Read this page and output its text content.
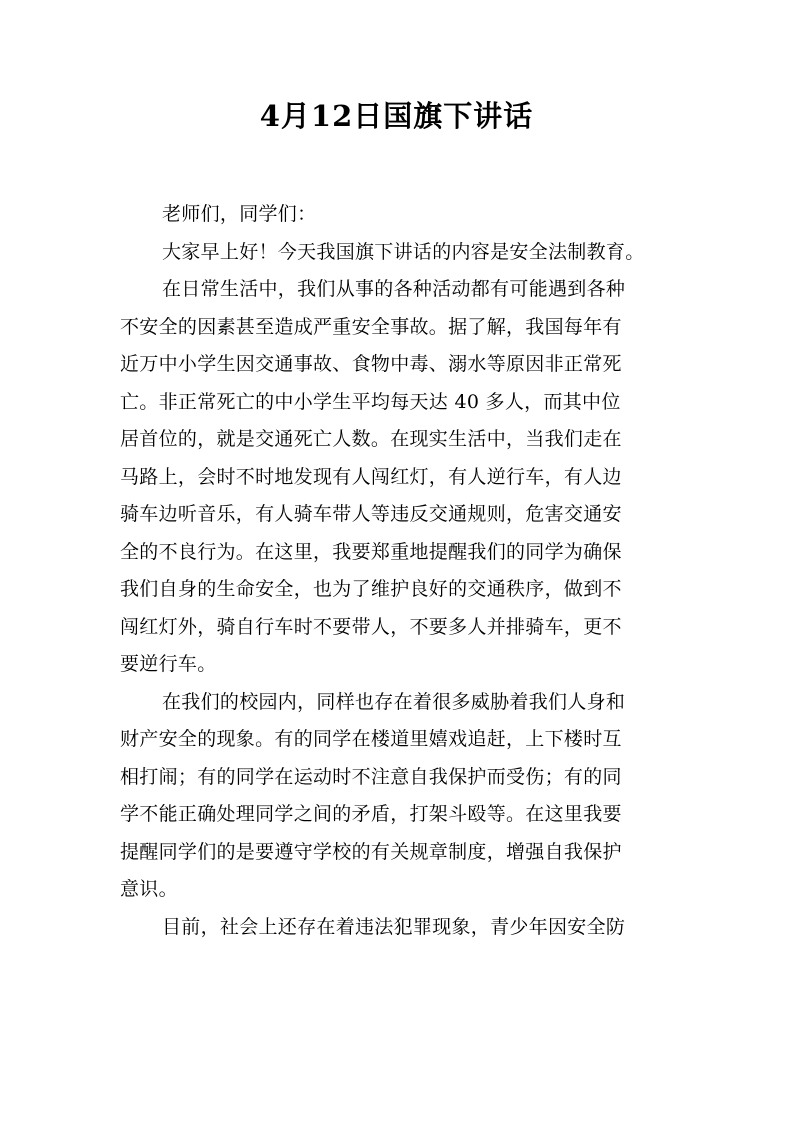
4月12日国旗下讲话

老师们，同学们：

大家早上好！今天我国旗下讲话的内容是安全法制教育。

在日常生活中，我们从事的各种活动都有可能遇到各种
不安全的因素甚至造成严重安全事故。据了解，我国每年有
近万中小学生因交通事故、食物中毒、溺水等原因非正常死
亡。非正常死亡的中小学生平均每天达 40 多人，而其中位
居首位的，就是交通死亡人数。在现实生活中，当我们走在
马路上，会时不时地发现有人闯红灯，有人逆行车，有人边
骑车边听音乐，有人骑车带人等违反交通规则，危害交通安
全的不良行为。在这里，我要郑重地提醒我们的同学为确保
我们自身的生命安全，也为了维护良好的交通秩序，做到不
闯红灯外，骑自行车时不要带人，不要多人并排骑车，更不
要逆行车。

在我们的校园内，同样也存在着很多威胁着我们人身和
财产安全的现象。有的同学在楼道里嬉戏追赶，上下楼时互
相打闹；有的同学在运动时不注意自我保护而受伤；有的同
学不能正确处理同学之间的矛盾，打架斗殴等。在这里我要
提醒同学们的是要遵守学校的有关规章制度，增强自我保护
意识。

目前，社会上还存在着违法犯罪现象，青少年因安全防
